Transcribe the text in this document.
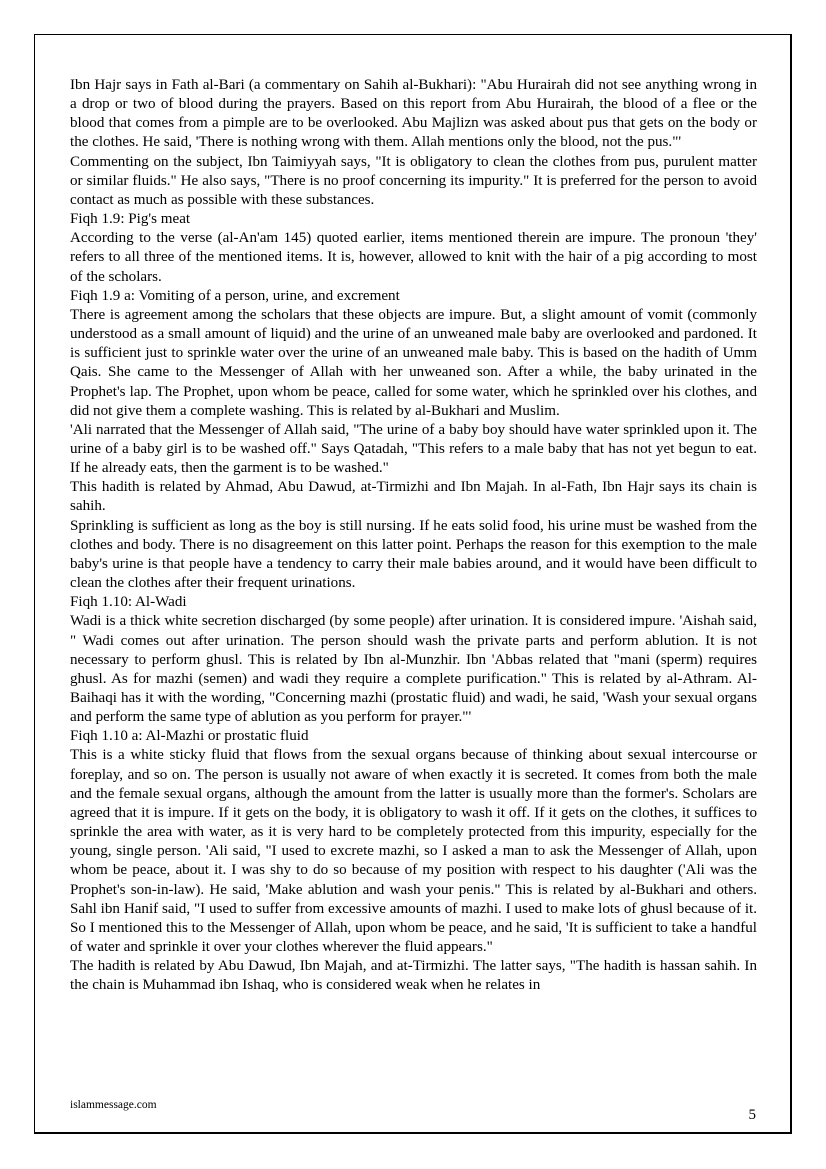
Ibn Hajr says in Fath al-Bari (a commentary on Sahih al-Bukhari): "Abu Hurairah did not see anything wrong in a drop or two of blood during the prayers. Based on this report from Abu Hurairah, the blood of a flee or the blood that comes from a pimple are to be overlooked. Abu Majlizn was asked about pus that gets on the body or the clothes. He said, 'There is nothing wrong with them. Allah mentions only the blood, not the pus."'

Commenting on the subject, Ibn Taimiyyah says, "It is obligatory to clean the clothes from pus, purulent matter or similar fluids." He also says, "There is no proof concerning its impurity." It is preferred for the person to avoid contact as much as possible with these substances.

Fiqh 1.9: Pig's meat

According to the verse (al-An'am 145) quoted earlier, items mentioned therein are impure. The pronoun 'they' refers to all three of the mentioned items. It is, however, allowed to knit with the hair of a pig according to most of the scholars.

Fiqh 1.9 a: Vomiting of a person, urine, and excrement

There is agreement among the scholars that these objects are impure. But, a slight amount of vomit (commonly understood as a small amount of liquid) and the urine of an unweaned male baby are overlooked and pardoned. It is sufficient just to sprinkle water over the urine of an unweaned male baby. This is based on the hadith of Umm Qais. She came to the Messenger of Allah with her unweaned son. After a while, the baby urinated in the Prophet's lap. The Prophet, upon whom be peace, called for some water, which he sprinkled over his clothes, and did not give them a complete washing. This is related by al-Bukhari and Muslim.

'Ali narrated that the Messenger of Allah said, "The urine of a baby boy should have water sprinkled upon it. The urine of a baby girl is to be washed off." Says Qatadah, "This refers to a male baby that has not yet begun to eat. If he already eats, then the garment is to be washed."

This hadith is related by Ahmad, Abu Dawud, at-Tirmizhi and Ibn Majah. In al-Fath, Ibn Hajr says its chain is sahih.

Sprinkling is sufficient as long as the boy is still nursing. If he eats solid food, his urine must be washed from the clothes and body. There is no disagreement on this latter point. Perhaps the reason for this exemption to the male baby's urine is that people have a tendency to carry their male babies around, and it would have been difficult to clean the clothes after their frequent urinations.

Fiqh 1.10: Al-Wadi

Wadi is a thick white secretion discharged (by some people) after urination. It is considered impure. 'Aishah said, " Wadi comes out after urination. The person should wash the private parts and perform ablution. It is not necessary to perform ghusl. This is related by Ibn al-Munzhir. Ibn 'Abbas related that "mani (sperm) requires ghusl. As for mazhi (semen) and wadi they require a complete purification." This is related by al-Athram. Al-Baihaqi has it with the wording, "Concerning mazhi (prostatic fluid) and wadi, he said, 'Wash your sexual organs and perform the same type of ablution as you perform for prayer."'

Fiqh 1.10 a: Al-Mazhi or prostatic fluid

This is a white sticky fluid that flows from the sexual organs because of thinking about sexual intercourse or foreplay, and so on. The person is usually not aware of when exactly it is secreted. It comes from both the male and the female sexual organs, although the amount from the latter is usually more than the former's. Scholars are agreed that it is impure. If it gets on the body, it is obligatory to wash it off. If it gets on the clothes, it suffices to sprinkle the area with water, as it is very hard to be completely protected from this impurity, especially for the young, single person. 'Ali said, "I used to excrete mazhi, so I asked a man to ask the Messenger of Allah, upon whom be peace, about it. I was shy to do so because of my position with respect to his daughter ('Ali was the Prophet's son-in-law). He said, 'Make ablution and wash your penis." This is related by al-Bukhari and others. Sahl ibn Hanif said, "I used to suffer from excessive amounts of mazhi. I used to make lots of ghusl because of it. So I mentioned this to the Messenger of Allah, upon whom be peace, and he said, 'It is sufficient to take a handful of water and sprinkle it over your clothes wherever the fluid appears."

The hadith is related by Abu Dawud, Ibn Majah, and at-Tirmizhi. The latter says, "The hadith is hassan sahih. In the chain is Muhammad ibn Ishaq, who is considered weak when he relates in

islammessage.com
5
